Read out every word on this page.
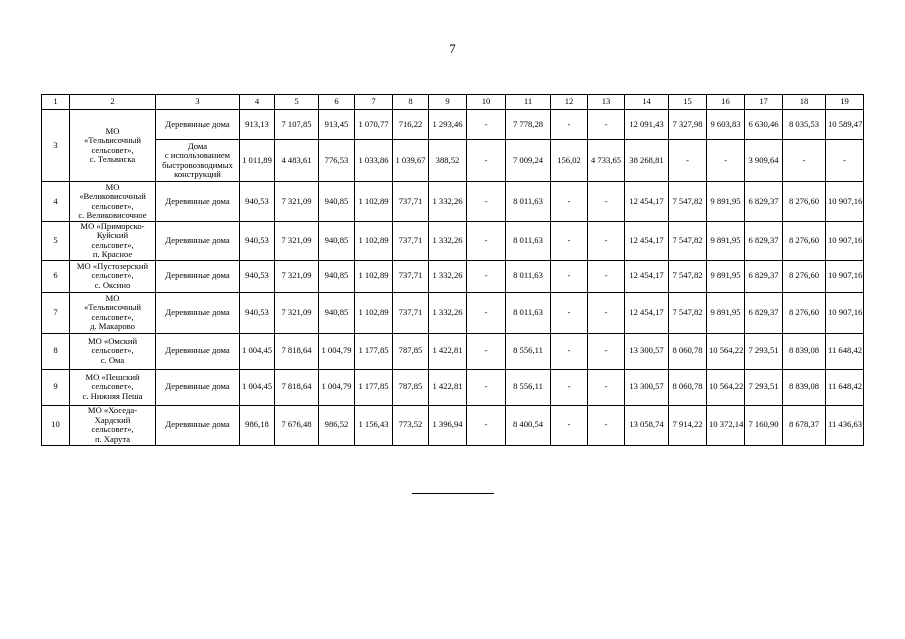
7
1	2	3	4	5	6	7	8	9	10	11	12	13	14	15	16	17	18	19
3	МО
«Тельвисочный
сельсовет»,
с. Тельвиска	Деревянные дома	913,13	7 107,85	913,45	1 070,77	716,22	1 293,46	-	7 778,28	-	-	12 091,43	7 327,98	9 603,83	6 630,46	8 035,53	10 589,47
		Дома
с использованием
быстровозводимых
конструкций	1 011,89	4 483,61	776,53	1 033,86	1 039,67	388,52	-	7 009,24	156,02	4 733,65	38 268,81	-	-	3 909,64	-	-
4	МО
«Великовисочный
сельсовет»,
с. Великовисочное	Деревянные дома	940,53	7 321,09	940,85	1 102,89	737,71	1 332,26	-	8 011,63	-	-	12 454,17	7 547,82	9 891,95	6 829,37	8 276,60	10 907,16
5	МО «Приморско-
Куйский
сельсовет»,
п. Красное	Деревянные дома	940,53	7 321,09	940,85	1 102,89	737,71	1 332,26	-	8 011,63	-	-	12 454,17	7 547,82	9 891,95	6 829,37	8 276,60	10 907,16
6	МО «Пустозерский
сельсовет»,
с. Оксино	Деревянные дома	940,53	7 321,09	940,85	1 102,89	737,71	1 332,26	-	8 011,63	-	-	12 454,17	7 547,82	9 891,95	6 829,37	8 276,60	10 907,16
7	МО
«Тельвисочный
сельсовет»,
д. Макарово	Деревянные дома	940,53	7 321,09	940,85	1 102,89	737,71	1 332,26	-	8 011,63	-	-	12 454,17	7 547,82	9 891,95	6 829,37	8 276,60	10 907,16
8	МО «Омский
сельсовет»,
с. Ома	Деревянные дома	1 004,45	7 818,64	1 004,79	1 177,85	787,85	1 422,81	-	8 556,11	-	-	13 300,57	8 060,78	10 564,22	7 293,51	8 839,08	11 648,42
9	МО «Пешский
сельсовет»,
с. Нижняя Пеша	Деревянные дома	1 004,45	7 818,64	1 004,79	1 177,85	787,85	1 422,81	-	8 556,11	-	-	13 300,57	8 060,78	10 564,22	7 293,51	8 839,08	11 648,42
10	МО «Хоседа-
Хардский
сельсовет»,
п. Харута	Деревянные дома	986,18	7 676,48	986,52	1 156,43	773,52	1 396,94	-	8 400,54	-	-	13 058,74	7 914,22	10 372,14	7 160,90	8 678,37	11 436,63
